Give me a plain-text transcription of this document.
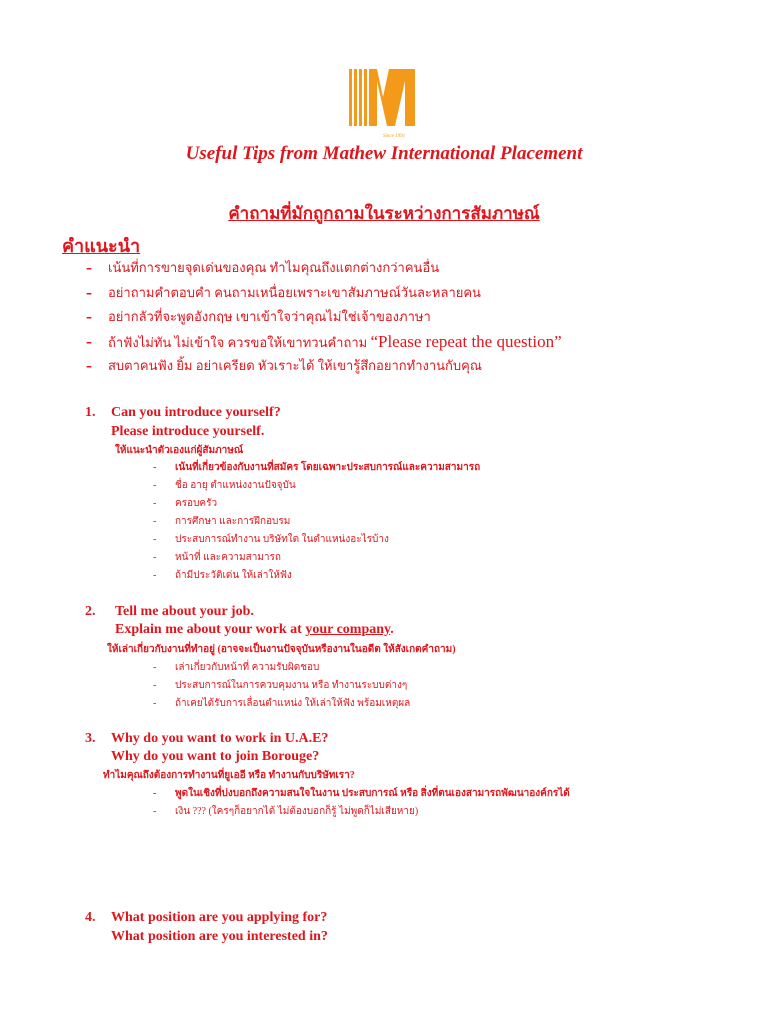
Since 1991
Useful Tips from Mathew International Placement
คำถามที่มักถูกถามในระหว่างการสัมภาษณ์
คำแนะนำ
- เน้นที่การขายจุดเด่นของคุณ ทำไมคุณถึงแตกต่างกว่าคนอื่น
- อย่าถามคำตอบคำ คนถามเหนื่อยเพราะเขาสัมภาษณ์วันละหลายคน
- อย่ากลัวที่จะพูดอังกฤษ เขาเข้าใจว่าคุณไม่ใช่เจ้าของภาษา
- ถ้าฟังไม่ทัน ไม่เข้าใจ ควรขอให้เขาทวนคำถาม “Please repeat the question”
- สบตาคนฟัง ยิ้ม อย่าเครียด หัวเราะได้ ให้เขารู้สึกอยากทำงานกับคุณ
1. Can you introduce yourself?
Please introduce yourself.
ให้แนะนำตัวเองแก่ผู้สัมภาษณ์
- เน้นที่เกี่ยวข้องกับงานที่สมัคร โดยเฉพาะประสบการณ์และความสามารถ
- ชื่อ อายุ ตำแหน่งงานปัจจุบัน
- ครอบครัว
- การศึกษา และการฝึกอบรม
- ประสบการณ์ทำงาน บริษัทใด ในตำแหน่งอะไรบ้าง
- หน้าที่ และความสามารถ
- ถ้ามีประวัติเด่น ให้เล่าให้ฟัง
2. Tell me about your job.
Explain me about your work at your company.
ให้เล่าเกี่ยวกับงานที่ทำอยู่ (อาจจะเป็นงานปัจจุบันหรืองานในอดีต ให้สังเกตคำถาม)
- เล่าเกี่ยวกับหน้าที่ ความรับผิดชอบ
- ประสบการณ์ในการควบคุมงาน หรือ ทำงานระบบต่างๆ
- ถ้าเคยได้รับการเลื่อนตำแหน่ง ให้เล่าให้ฟัง พร้อมเหตุผล
3. Why do you want to work in U.A.E?
Why do you want to join Borouge?
ทำไมคุณถึงต้องการทำงานที่ยูเออี หรือ ทำงานกับบริษัทเรา?
- พูดในเชิงที่บ่งบอกถึงความสนใจในงาน ประสบการณ์ หรือ สิ่งที่ตนเองสามารถพัฒนาองค์กรได้
- เงิน ??? (ใครๆก็อยากได้ ไม่ต้องบอกก็รู้ ไม่พูดก็ไม่เสียหาย)
4. What position are you applying for?
What position are you interested in?
